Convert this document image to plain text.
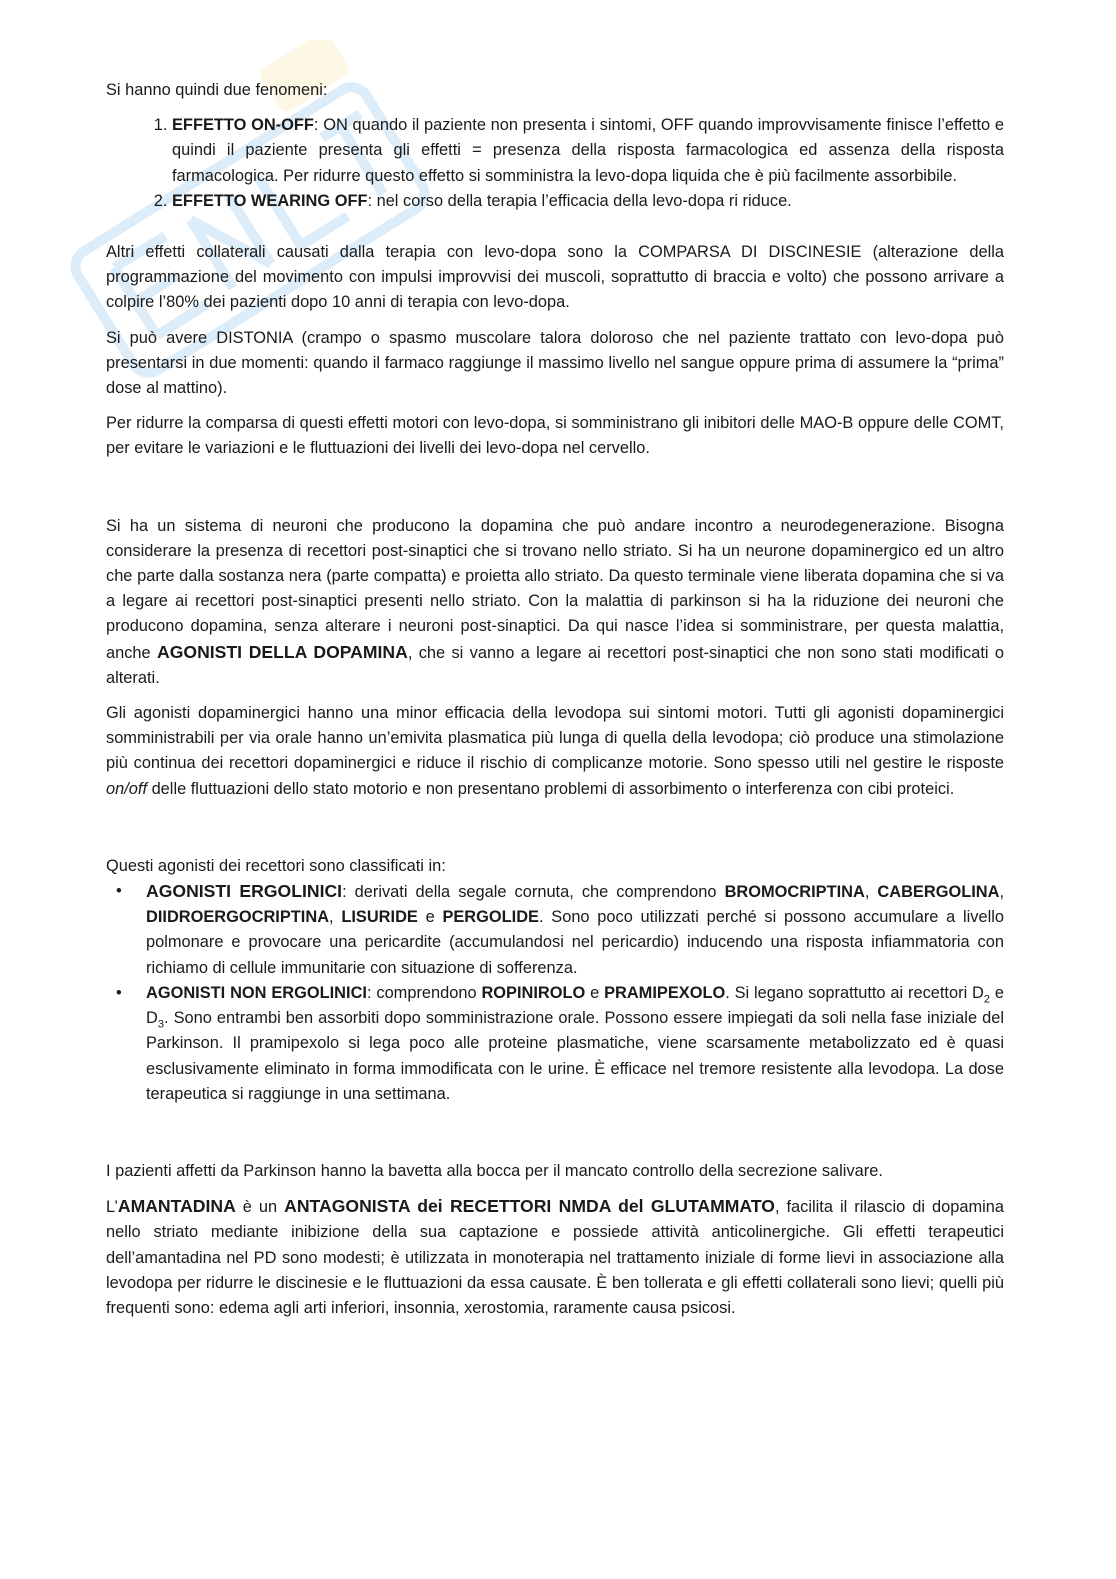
Si hanno quindi due fenomeni:

1. EFFETTO ON-OFF: ON quando il paziente non presenta i sintomi, OFF quando improvvisamente finisce l’effetto e quindi il paziente presenta gli effetti = presenza della risposta farmacologica ed assenza della risposta farmacologica. Per ridurre questo effetto si somministra la levo-dopa liquida che è più facilmente assorbibile.
2. EFFETTO WEARING OFF: nel corso della terapia l’efficacia della levo-dopa ri riduce.

Altri effetti collaterali causati dalla terapia con levo-dopa sono la COMPARSA DI DISCINESIE (alterazione della programmazione del movimento con impulsi improvvisi dei muscoli, soprattutto di braccia e volto) che possono arrivare a colpire l’80% dei pazienti dopo 10 anni di terapia con levo-dopa.

Si può avere DISTONIA (crampo o spasmo muscolare talora doloroso che nel paziente trattato con levo-dopa può presentarsi in due momenti: quando il farmaco raggiunge il massimo livello nel sangue oppure prima di assumere la “prima” dose al mattino).

Per ridurre la comparsa di questi effetti motori con levo-dopa, si somministrano gli inibitori delle MAO-B oppure delle COMT, per evitare le variazioni e le fluttuazioni dei livelli dei levo-dopa nel cervello.

Si ha un sistema di neuroni che producono la dopamina che può andare incontro a neurodegenerazione. Bisogna considerare la presenza di recettori post-sinaptici che si trovano nello striato. Si ha un neurone dopaminergico ed un altro che parte dalla sostanza nera (parte compatta) e proietta allo striato. Da questo terminale viene liberata dopamina che si va a legare ai recettori post-sinaptici presenti nello striato. Con la malattia di parkinson si ha la riduzione dei neuroni che producono dopamina, senza alterare i neuroni post-sinaptici. Da qui nasce l’idea si somministrare, per questa malattia, anche AGONISTI DELLA DOPAMINA, che si vanno a legare ai recettori post-sinaptici che non sono stati modificati o alterati.

Gli agonisti dopaminergici hanno una minor efficacia della levodopa sui sintomi motori. Tutti gli agonisti dopaminergici somministrabili per via orale hanno un’emivita plasmatica più lunga di quella della levodopa; ciò produce una stimolazione più continua dei recettori dopaminergici e riduce il rischio di complicanze motorie. Sono spesso utili nel gestire le risposte on/off delle fluttuazioni dello stato motorio e non presentano problemi di assorbimento o interferenza con cibi proteici.

Questi agonisti dei recettori sono classificati in:

• AGONISTI ERGOLINICI: derivati della segale cornuta, che comprendono BROMOCRIPTINA, CABERGOLINA, DIIDROERGOCRIPTINA, LISURIDE e PERGOLIDE. Sono poco utilizzati perché si possono accumulare a livello polmonare e provocare una pericardite (accumulandosi nel pericardio) inducendo una risposta infiammatoria con richiamo di cellule immunitarie con situazione di sofferenza.
• AGONISTI NON ERGOLINICI: comprendono ROPINIROLO e PRAMIPEXOLO. Si legano soprattutto ai recettori $D_2$ e $D_3$. Sono entrambi ben assorbiti dopo somministrazione orale. Possono essere impiegati da soli nella fase iniziale del Parkinson. Il pramipexolo si lega poco alle proteine plasmatiche, viene scarsamente metabolizzato ed è quasi esclusivamente eliminato in forma immodificata con le urine. È efficace nel tremore resistente alla levodopa. La dose terapeutica si raggiunge in una settimana.

I pazienti affetti da Parkinson hanno la bavetta alla bocca per il mancato controllo della secrezione salivare.

L’AMANTADINA è un ANTAGONISTA dei RECETTORI NMDA del GLUTAMMATO, facilita il rilascio di dopamina nello striato mediante inibizione della sua captazione e possiede attività anticolinergiche. Gli effetti terapeutici dell’amantadina nel PD sono modesti; è utilizzata in monoterapia nel trattamento iniziale di forme lievi in associazione alla levodopa per ridurre le discinesie e le fluttuazioni da essa causate. È ben tollerata e gli effetti collaterali sono lievi; quelli più frequenti sono: edema agli arti inferiori, insonnia, xerostomia, raramente causa psicosi.
